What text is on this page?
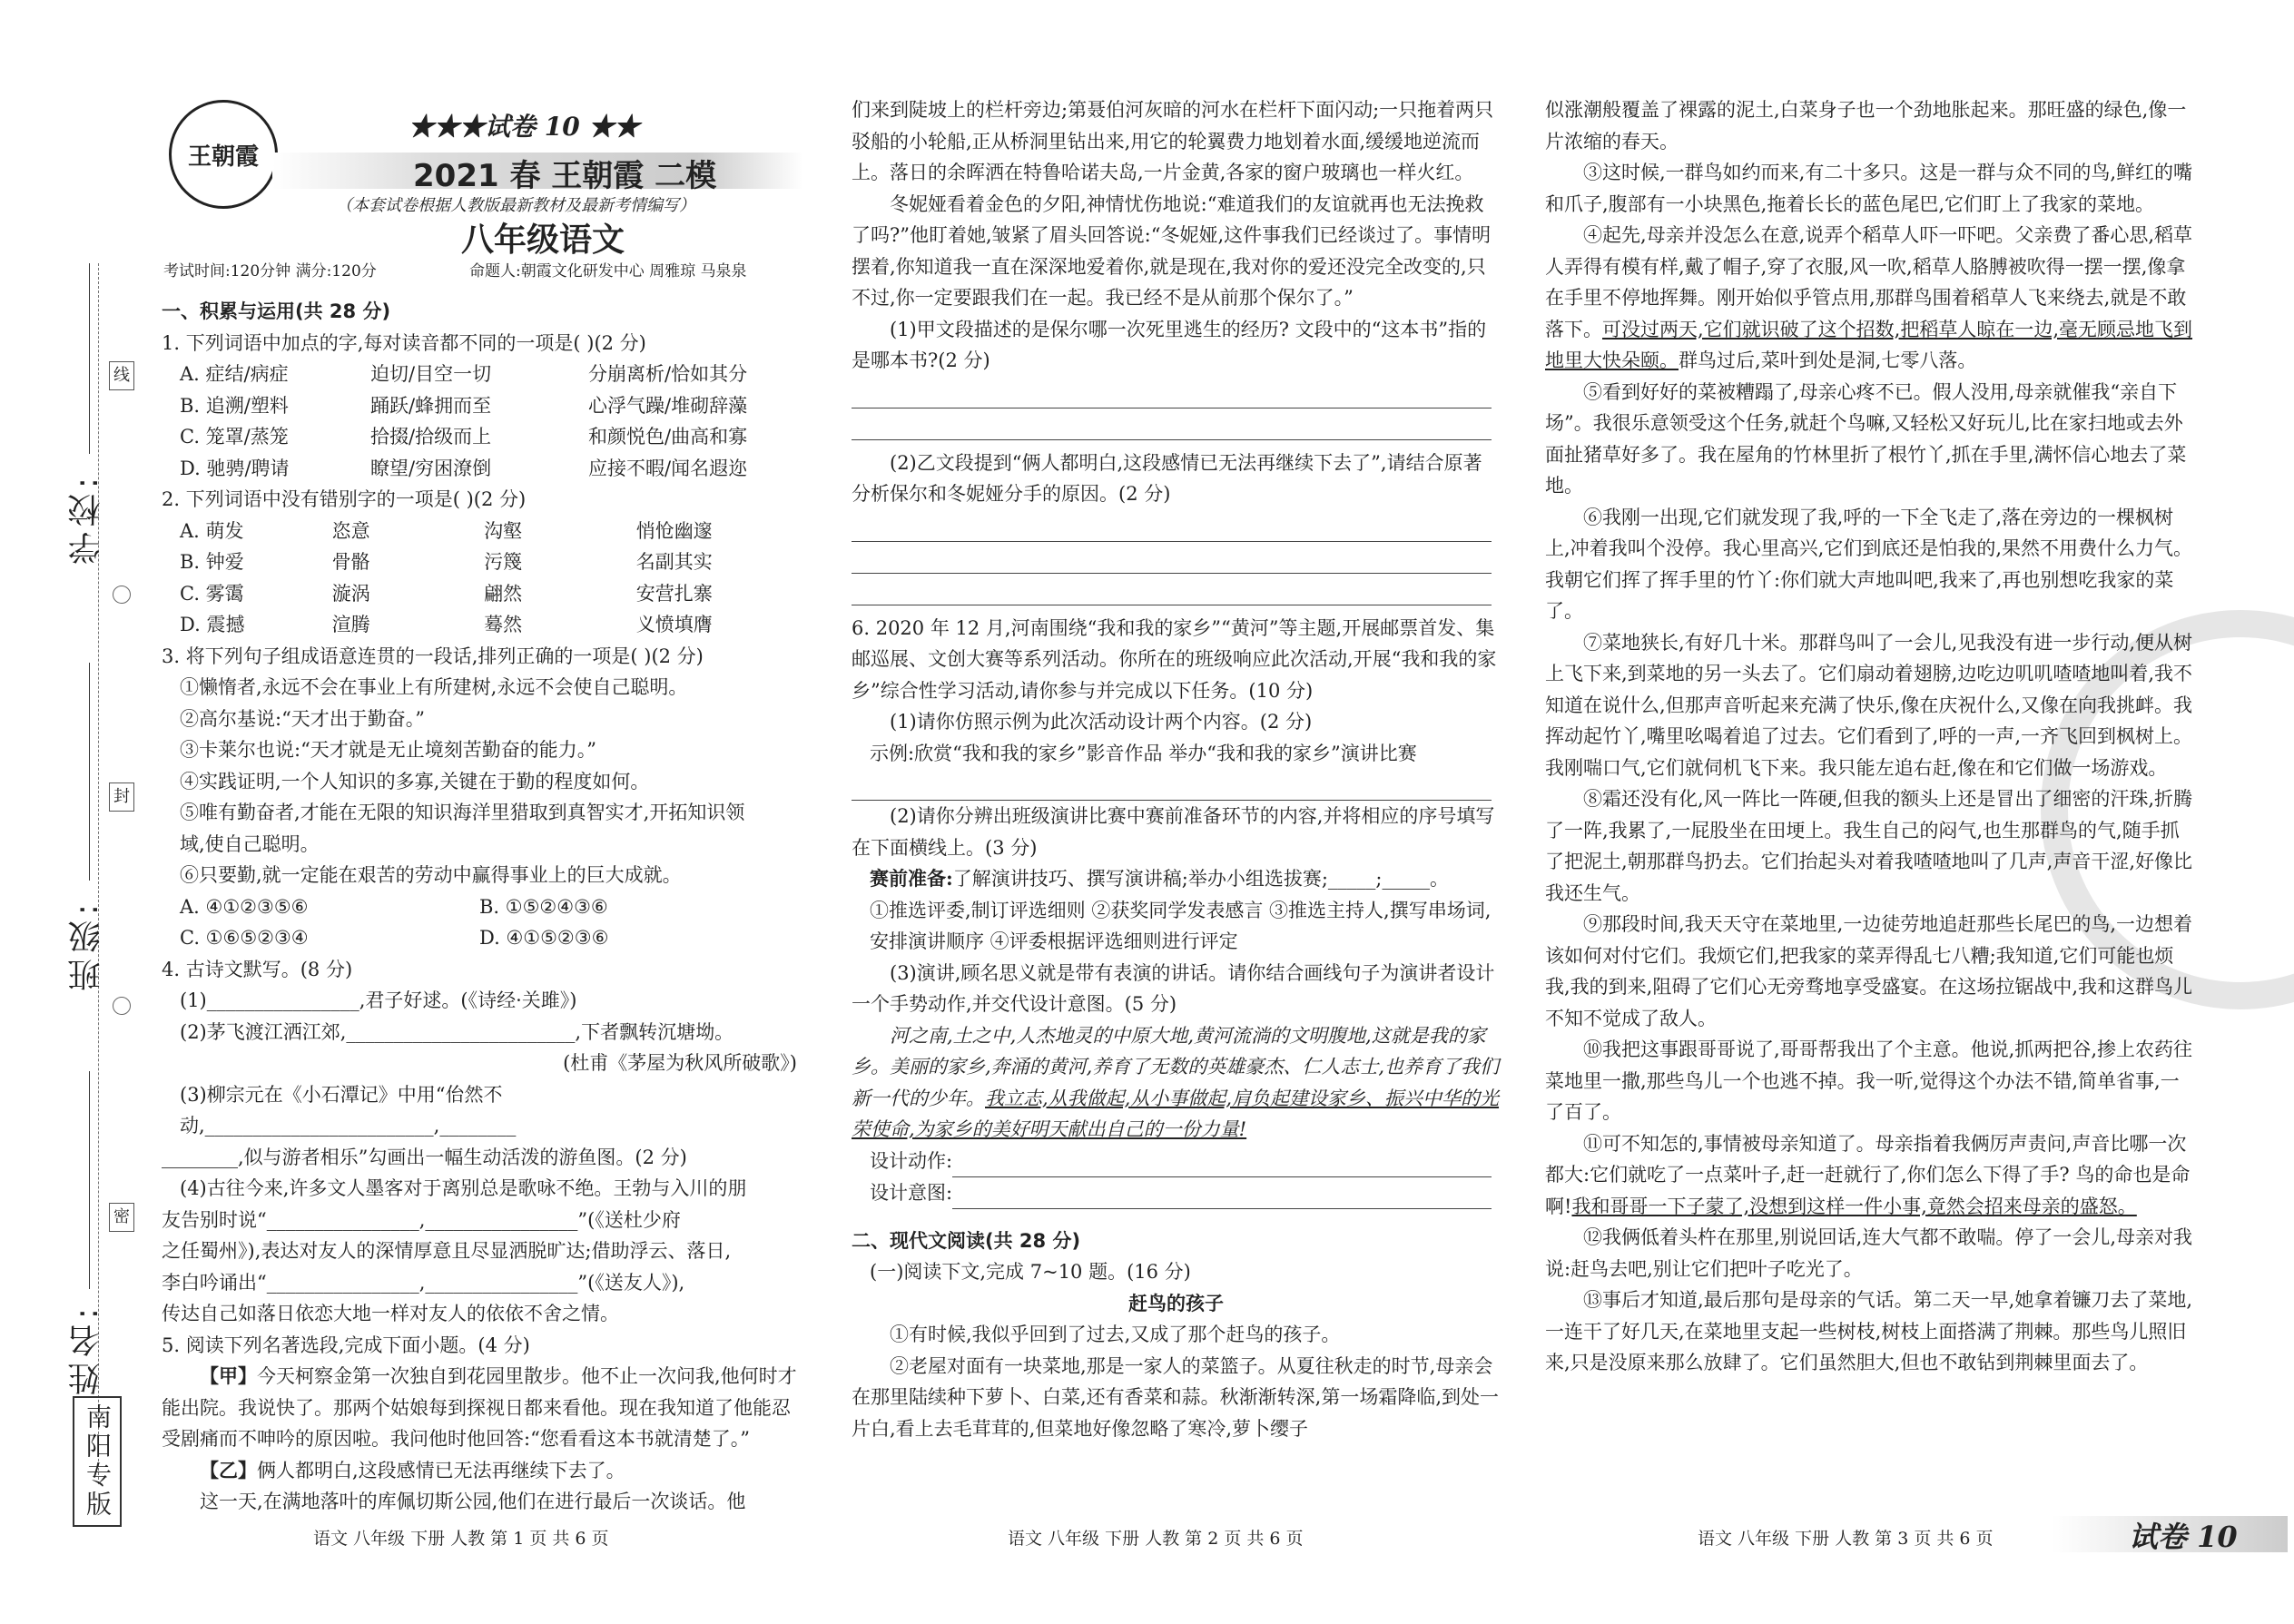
学校:
班级:
姓名:
线
封
密
南阳专版
王朝霞
★★★试卷 10 ★★
2021 春 王朝霞 二模
（本套试卷根据人教版最新教材及最新考情编写）
八年级语文
考试时间:120分钟 满分:120分	命题人:朝霞文化研发中心 周雅琼 马泉泉

一、积累与运用(共 28 分)

1. 下列词语中加点的字,每对读音都不同的一项是( )(2 分)

A. 症结/病症	迫切/目空一切	分崩离析/恰如其分
B. 追溯/塑料	踊跃/蜂拥而至	心浮气躁/堆砌辞藻
C. 笼罩/蒸笼	拾掇/拾级而上	和颜悦色/曲高和寡
D. 驰骋/聘请	瞭望/穷困潦倒	应接不暇/闻名遐迩

2. 下列词语中没有错别字的一项是( )(2 分)

A. 萌发	恣意	沟壑	悄怆幽邃
B. 钟爱	骨骼	污篾	名副其实
C. 雾霭	漩涡	翩然	安营扎寨
D. 震撼	渲腾	蓦然	义愤填膺

3. 将下列句子组成语意连贯的一段话,排列正确的一项是( )(2 分)

①懒惰者,永远不会在事业上有所建树,永远不会使自己聪明。

②高尔基说:“天才出于勤奋。”

③卡莱尔也说:“天才就是无止境刻苦勤奋的能力。”

④实践证明,一个人知识的多寡,关键在于勤的程度如何。

⑤唯有勤奋者,才能在无限的知识海洋里猎取到真智实才,开拓知识领

域,使自己聪明。

⑥只要勤,就一定能在艰苦的劳动中赢得事业上的巨大成就。

A. ④①②③⑤⑥	B. ①⑤②④③⑥
C. ①⑥⑤②③④	D. ④①⑤②③⑥

4. 古诗文默写。(8 分)

(1)________________,君子好逑。(《诗经·关雎》)

(2)茅飞渡江洒江郊,________________________,下者飘转沉塘坳。

(杜甫《茅屋为秋风所破歌》)

(3)柳宗元在《小石潭记》中用“佁然不动,________________________,________

________,似与游者相乐”勾画出一幅生动活泼的游鱼图。(2 分)

(4)古往今来,许多文人墨客对于离别总是歌咏不绝。王勃与入川的朋

友告别时说“________________,________________”(《送杜少府

之任蜀州》),表达对友人的深情厚意且尽显洒脱旷达;借助浮云、落日,

李白吟诵出“________________,________________”(《送友人》),

传达自己如落日依恋大地一样对友人的依依不舍之情。

5. 阅读下列名著选段,完成下面小题。(4 分)

【甲】今天柯察金第一次独自到花园里散步。他不止一次问我,他何时才能出院。我说快了。那两个姑娘每到探视日都来看他。现在我知道了他能忍受剧痛而不呻吟的原因啦。我问他时他回答:“您看看这本书就清楚了。”

【乙】俩人都明白,这段感情已无法再继续下去了。

这一天,在满地落叶的库佩切斯公园,他们在进行最后一次谈话。他

语文 八年级 下册 人教 第 1 页 共 6 页

们来到陡坡上的栏杆旁边;第聂伯河灰暗的河水在栏杆下面闪动;一只拖着两只驳船的小轮船,正从桥洞里钻出来,用它的轮翼费力地划着水面,缓缓地逆流而上。落日的余晖洒在特鲁哈诺夫岛,一片金黄,各家的窗户玻璃也一样火红。

冬妮娅看着金色的夕阳,神情忧伤地说:“难道我们的友谊就再也无法挽救了吗?”他盯着她,皱紧了眉头回答说:“冬妮娅,这件事我们已经谈过了。事情明摆着,你知道我一直在深深地爱着你,就是现在,我对你的爱还没完全改变的,只不过,你一定要跟我们在一起。我已经不是从前那个保尔了。”

(1)甲文段描述的是保尔哪一次死里逃生的经历? 文段中的“这本书”指的是哪本书?(2 分)

(2)乙文段提到“俩人都明白,这段感情已无法再继续下去了”,请结合原著分析保尔和冬妮娅分手的原因。(2 分)

6. 2020 年 12 月,河南围绕“我和我的家乡”“黄河”等主题,开展邮票首发、集邮巡展、文创大赛等系列活动。你所在的班级响应此次活动,开展“我和我的家乡”综合性学习活动,请你参与并完成以下任务。(10 分)

(1)请你仿照示例为此次活动设计两个内容。(2 分)

示例:欣赏“我和我的家乡”影音作品 举办“我和我的家乡”演讲比赛

(2)请你分辨出班级演讲比赛中赛前准备环节的内容,并将相应的序号填写在下面横线上。(3 分)

赛前准备:了解演讲技巧、撰写演讲稿;举办小组选拔赛;_____;_____。

①推选评委,制订评选细则 ②获奖同学发表感言 ③推选主持人,撰写串场词,安排演讲顺序 ④评委根据评选细则进行评定

(3)演讲,顾名思义就是带有表演的讲话。请你结合画线句子为演讲者设计一个手势动作,并交代设计意图。(5 分)

河之南,土之中,人杰地灵的中原大地,黄河流淌的文明腹地,这就是我的家乡。美丽的家乡,奔涌的黄河,养育了无数的英雄豪杰、仁人志士,也养育了我们新一代的少年。我立志,从我做起,从小事做起,肩负起建设家乡、振兴中华的光荣使命,为家乡的美好明天献出自己的一份力量!

设计动作:
设计意图:

二、现代文阅读(共 28 分)

(一)阅读下文,完成 7~10 题。(16 分)

赶鸟的孩子

①有时候,我似乎回到了过去,又成了那个赶鸟的孩子。

②老屋对面有一块菜地,那是一家人的菜篮子。从夏往秋走的时节,母亲会在那里陆续种下萝卜、白菜,还有香菜和蒜。秋渐渐转深,第一场霜降临,到处一片白,看上去毛茸茸的,但菜地好像忽略了寒冷,萝卜缨子

语文 八年级 下册 人教 第 2 页 共 6 页

似涨潮般覆盖了裸露的泥土,白菜身子也一个劲地胀起来。那旺盛的绿色,像一片浓缩的春天。

③这时候,一群鸟如约而来,有二十多只。这是一群与众不同的鸟,鲜红的嘴和爪子,腹部有一小块黑色,拖着长长的蓝色尾巴,它们盯上了我家的菜地。

④起先,母亲并没怎么在意,说弄个稻草人吓一吓吧。父亲费了番心思,稻草人弄得有模有样,戴了帽子,穿了衣服,风一吹,稻草人胳膊被吹得一摆一摆,像拿在手里不停地挥舞。刚开始似乎管点用,那群鸟围着稻草人飞来绕去,就是不敢落下。可没过两天,它们就识破了这个招数,把稻草人晾在一边,毫无顾忌地飞到地里大快朵颐。群鸟过后,菜叶到处是洞,七零八落。

⑤看到好好的菜被糟蹋了,母亲心疼不已。假人没用,母亲就催我“亲自下场”。我很乐意领受这个任务,就赶个鸟嘛,又轻松又好玩儿,比在家扫地或去外面扯猪草好多了。我在屋角的竹林里折了根竹丫,抓在手里,满怀信心地去了菜地。

⑥我刚一出现,它们就发现了我,呼的一下全飞走了,落在旁边的一棵枫树上,冲着我叫个没停。我心里高兴,它们到底还是怕我的,果然不用费什么力气。我朝它们挥了挥手里的竹丫:你们就大声地叫吧,我来了,再也别想吃我家的菜了。

⑦菜地狭长,有好几十米。那群鸟叫了一会儿,见我没有进一步行动,便从树上飞下来,到菜地的另一头去了。它们扇动着翅膀,边吃边叽叽喳喳地叫着,我不知道在说什么,但那声音听起来充满了快乐,像在庆祝什么,又像在向我挑衅。我挥动起竹丫,嘴里吆喝着追了过去。它们看到了,呼的一声,一齐飞回到枫树上。我刚喘口气,它们就伺机飞下来。我只能左追右赶,像在和它们做一场游戏。

⑧霜还没有化,风一阵比一阵硬,但我的额头上还是冒出了细密的汗珠,折腾了一阵,我累了,一屁股坐在田埂上。我生自己的闷气,也生那群鸟的气,随手抓了把泥土,朝那群鸟扔去。它们抬起头对着我喳喳地叫了几声,声音干涩,好像比我还生气。

⑨那段时间,我天天守在菜地里,一边徒劳地追赶那些长尾巴的鸟,一边想着该如何对付它们。我烦它们,把我家的菜弄得乱七八糟;我知道,它们可能也烦我,我的到来,阻碍了它们心无旁骛地享受盛宴。在这场拉锯战中,我和这群鸟儿不知不觉成了敌人。

⑩我把这事跟哥哥说了,哥哥帮我出了个主意。他说,抓两把谷,掺上农药往菜地里一撒,那些鸟儿一个也逃不掉。我一听,觉得这个办法不错,简单省事,一了百了。

⑪可不知怎的,事情被母亲知道了。母亲指着我俩厉声责问,声音比哪一次都大:它们就吃了一点菜叶子,赶一赶就行了,你们怎么下得了手? 鸟的命也是命啊!我和哥哥一下子蒙了,没想到这样一件小事,竟然会招来母亲的盛怒。

⑫我俩低着头杵在那里,别说回话,连大气都不敢喘。停了一会儿,母亲对我说:赶鸟去吧,别让它们把叶子吃光了。

⑬事后才知道,最后那句是母亲的气话。第二天一早,她拿着镰刀去了菜地,一连干了好几天,在菜地里支起一些树枝,树枝上面搭满了荆棘。那些鸟儿照旧来,只是没原来那么放肆了。它们虽然胆大,但也不敢钻到荆棘里面去了。

语文 八年级 下册 人教 第 3 页 共 6 页	试卷 10
